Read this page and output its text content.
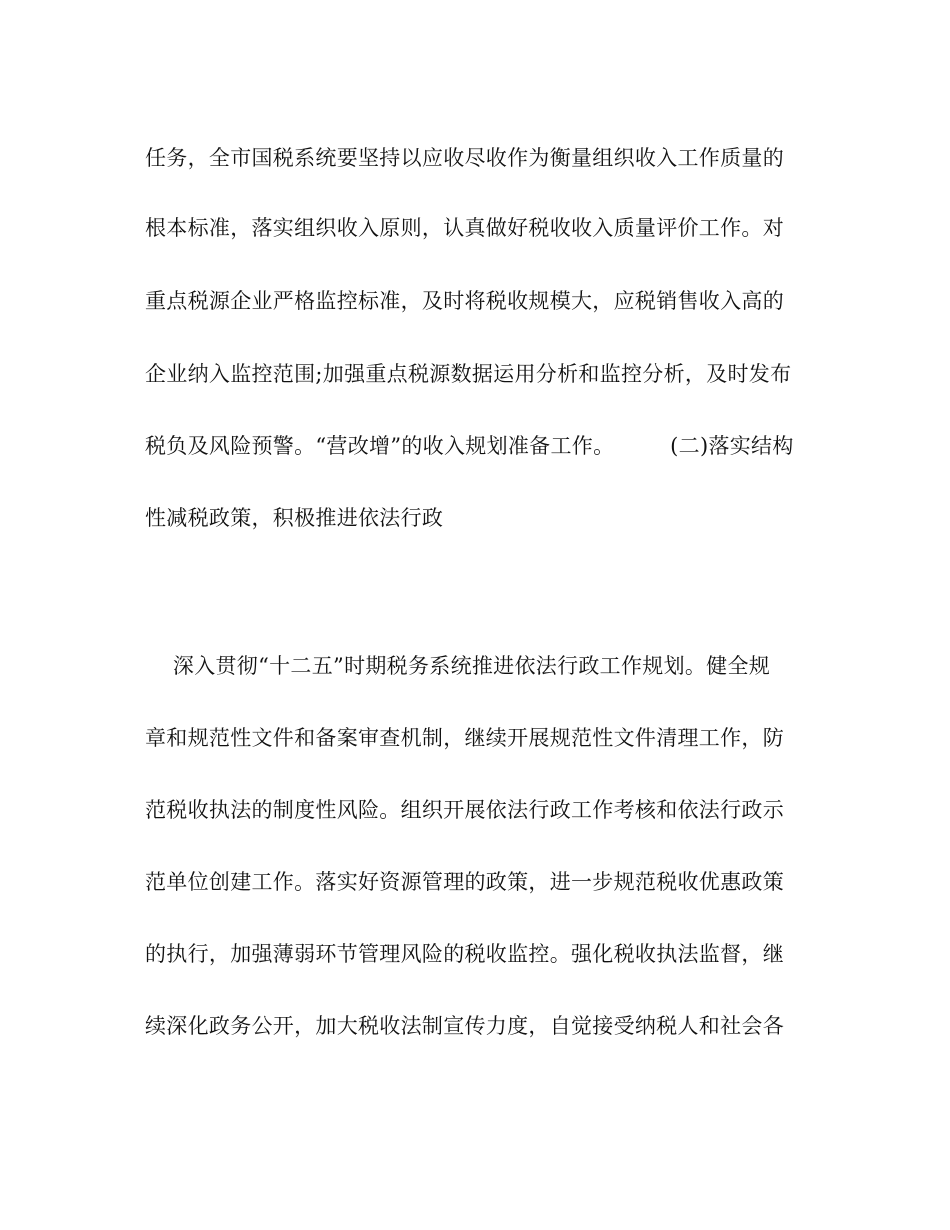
任务，全市国税系统要坚持以应收尽收作为衡量组织收入工作质量的
根本标准，落实组织收入原则，认真做好税收收入质量评价工作。对
重点税源企业严格监控标准，及时将税收规模大，应税销售收入高的
企业纳入监控范围;加强重点税源数据运用分析和监控分析，及时发布
税负及风险预警。“营改增”的收入规划准备工作。        (二)落实结构
性减税政策，积极推进依法行政
深入贯彻“十二五”时期税务系统推进依法行政工作规划。健全规
章和规范性文件和备案审查机制，继续开展规范性文件清理工作，防
范税收执法的制度性风险。组织开展依法行政工作考核和依法行政示
范单位创建工作。落实好资源管理的政策，进一步规范税收优惠政策
的执行，加强薄弱环节管理风险的税收监控。强化税收执法监督，继
续深化政务公开，加大税收法制宣传力度，自觉接受纳税人和社会各
